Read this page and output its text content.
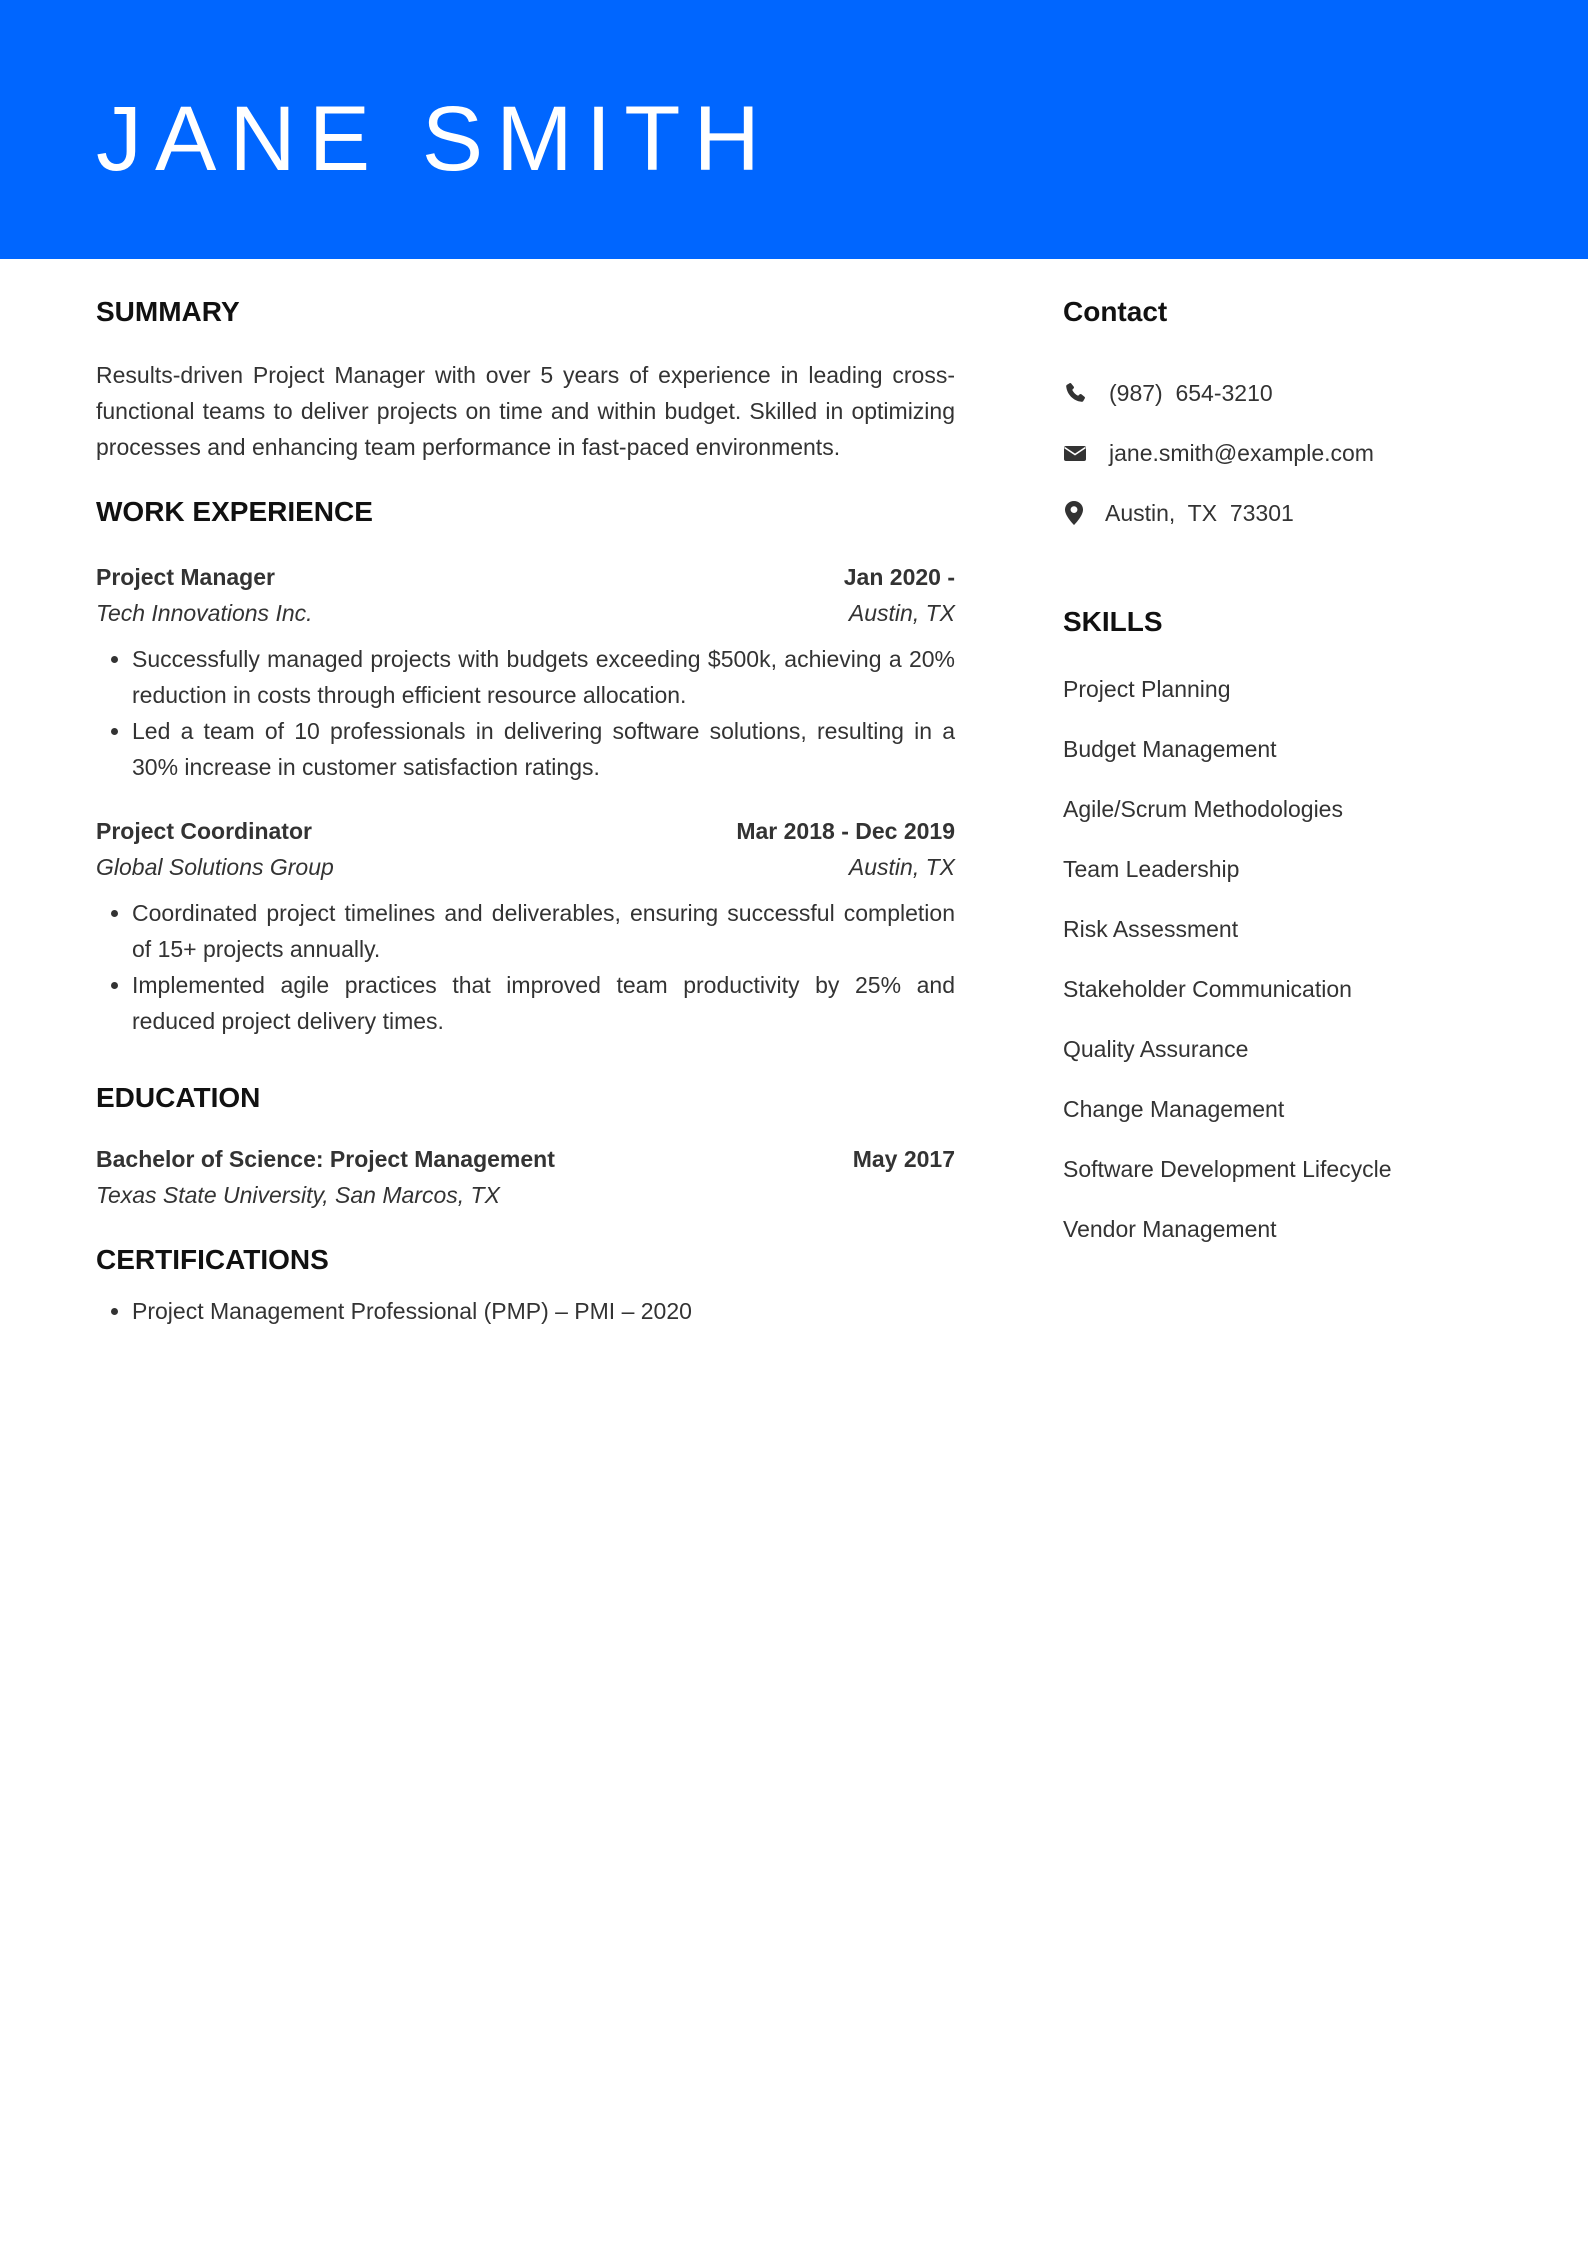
JANE SMITH
SUMMARY

Results-driven Project Manager with over 5 years of experience in leading cross-functional teams to deliver projects on time and within budget. Skilled in optimizing processes and enhancing team performance in fast-paced environments.

WORK EXPERIENCE
Project Manager	Jan 2020 -
Tech Innovations Inc.	Austin, TX
• Successfully managed projects with budgets exceeding $500k, achieving a 20% reduction in costs through efficient resource allocation.
• Led a team of 10 professionals in delivering software solutions, resulting in a 30% increase in customer satisfaction ratings.
Project Coordinator	Mar 2018 - Dec 2019
Global Solutions Group	Austin, TX
• Coordinated project timelines and deliverables, ensuring successful completion of 15+ projects annually.
• Implemented agile practices that improved team productivity by 25% and reduced project delivery times.
EDUCATION
Bachelor of Science: Project Management	May 2017
Texas State University, San Marcos, TX
CERTIFICATIONS
• Project Management Professional (PMP) – PMI – 2020
Contact
(987)  654-3210
jane.smith@example.com
Austin,  TX  73301
SKILLS
Project Planning
Budget Management
Agile/Scrum Methodologies
Team Leadership
Risk Assessment
Stakeholder Communication
Quality Assurance
Change Management
Software Development Lifecycle
Vendor Management
